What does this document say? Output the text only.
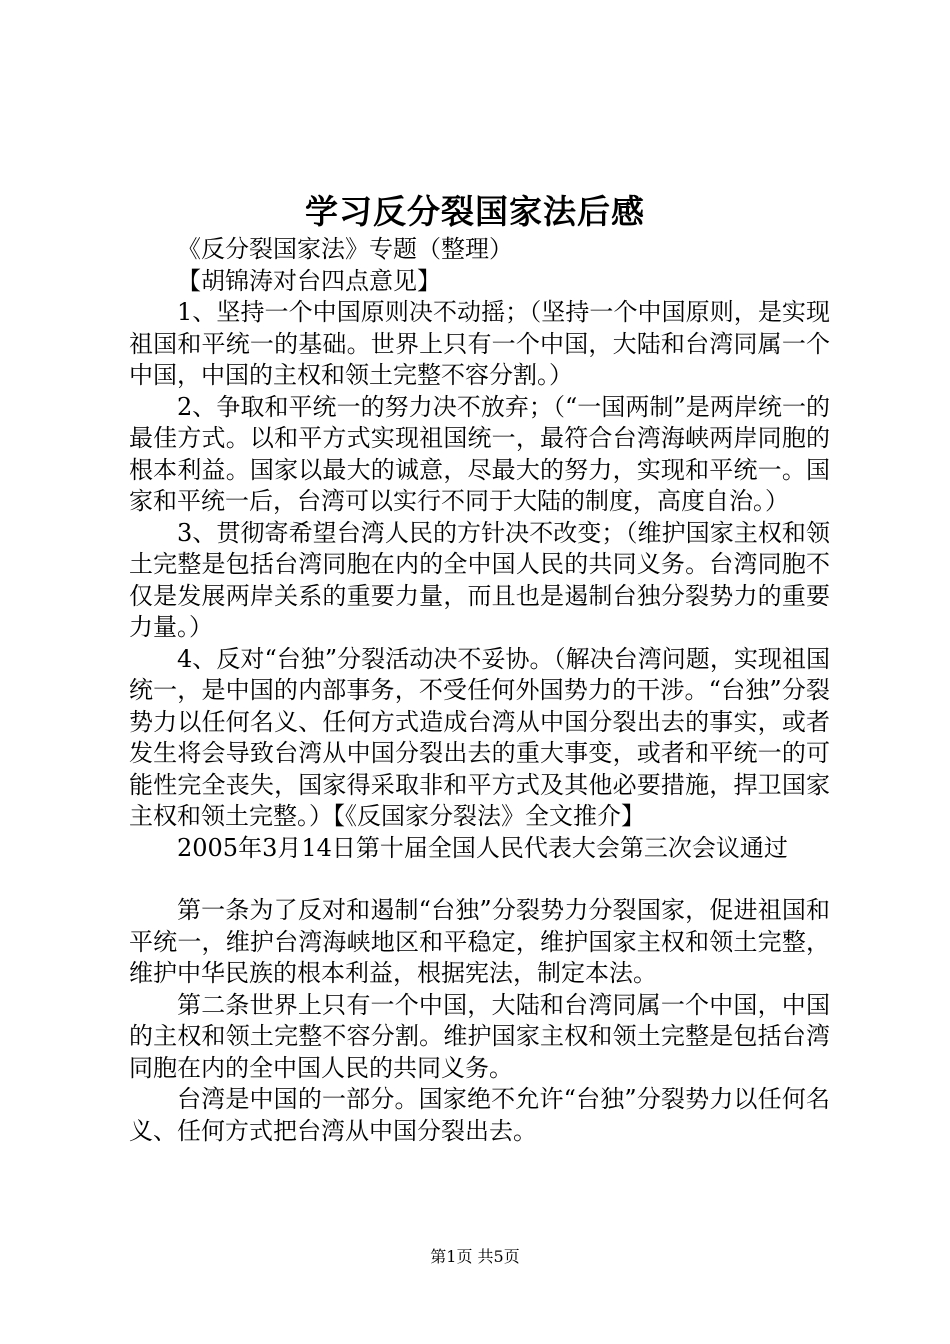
学习反分裂国家法后感

《反分裂国家法》专题（整理）

【胡锦涛对台四点意见】

1、坚持一个中国原则决不动摇；（坚持一个中国原则，是实现祖国和平统一的基础。世界上只有一个中国，大陆和台湾同属一个中国，中国的主权和领土完整不容分割。）

2、争取和平统一的努力决不放弃；（“一国两制”是两岸统一的最佳方式。以和平方式实现祖国统一，最符合台湾海峡两岸同胞的根本利益。国家以最大的诚意，尽最大的努力，实现和平统一。国家和平统一后，台湾可以实行不同于大陆的制度，高度自治。）

3、贯彻寄希望台湾人民的方针决不改变；（维护国家主权和领土完整是包括台湾同胞在内的全中国人民的共同义务。台湾同胞不仅是发展两岸关系的重要力量，而且也是遏制台独分裂势力的重要力量。）

4、反对“台独”分裂活动决不妥协。（解决台湾问题，实现祖国统一，是中国的内部事务，不受任何外国势力的干涉。“台独”分裂势力以任何名义、任何方式造成台湾从中国分裂出去的事实，或者发生将会导致台湾从中国分裂出去的重大事变，或者和平统一的可能性完全丧失，国家得采取非和平方式及其他必要措施，捍卫国家主权和领土完整。）【《反国家分裂法》全文推介】

2005年3月14日第十届全国人民代表大会第三次会议通过

第一条为了反对和遏制“台独”分裂势力分裂国家，促进祖国和平统一，维护台湾海峡地区和平稳定，维护国家主权和领土完整，维护中华民族的根本利益，根据宪法，制定本法。

第二条世界上只有一个中国，大陆和台湾同属一个中国，中国的主权和领土完整不容分割。维护国家主权和领土完整是包括台湾同胞在内的全中国人民的共同义务。

台湾是中国的一部分。国家绝不允许“台独”分裂势力以任何名义、任何方式把台湾从中国分裂出去。

第1页 共5页
